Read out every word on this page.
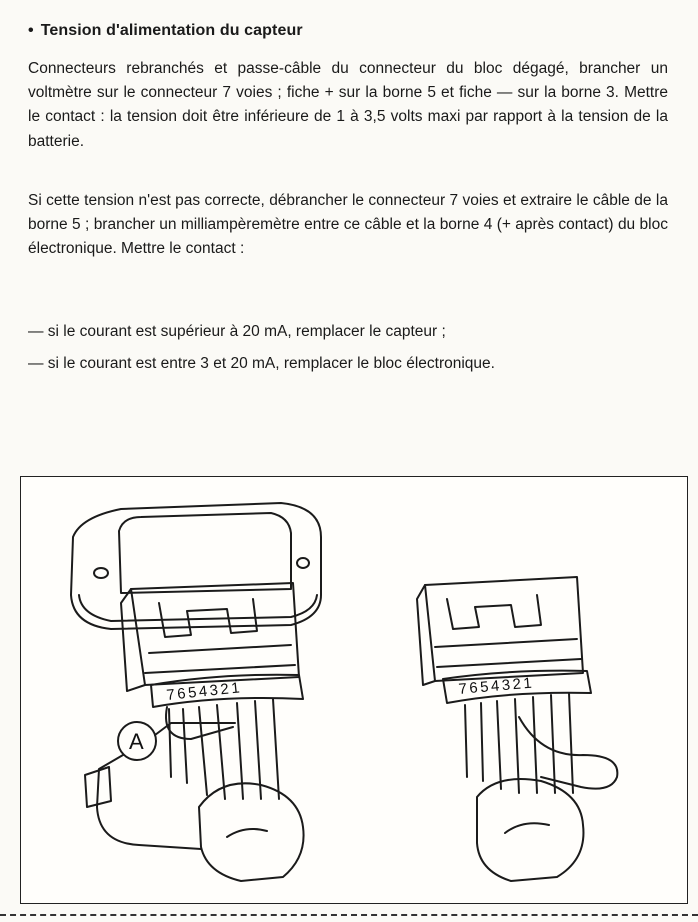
• Tension d'alimentation du capteur

Connecteurs rebranchés et passe-câble du connecteur du bloc dégagé, brancher un voltmètre sur le connecteur 7 voies ; fiche + sur la borne 5 et fiche — sur la borne 3. Mettre le contact : la tension doit être inférieure de 1 à 3,5 volts maxi par rapport à la tension de la batterie.

Si cette tension n'est pas correcte, débrancher le connecteur 7 voies et extraire le câble de la borne 5 ; brancher un milliampèremètre entre ce câble et la borne 4 (+ après contact) du bloc électronique. Mettre le contact :

— si le courant est supérieur à 20 mA, remplacer le capteur ;

— si le courant est entre 3 et 20 mA, remplacer le bloc électronique.

A
7654321	7654321
